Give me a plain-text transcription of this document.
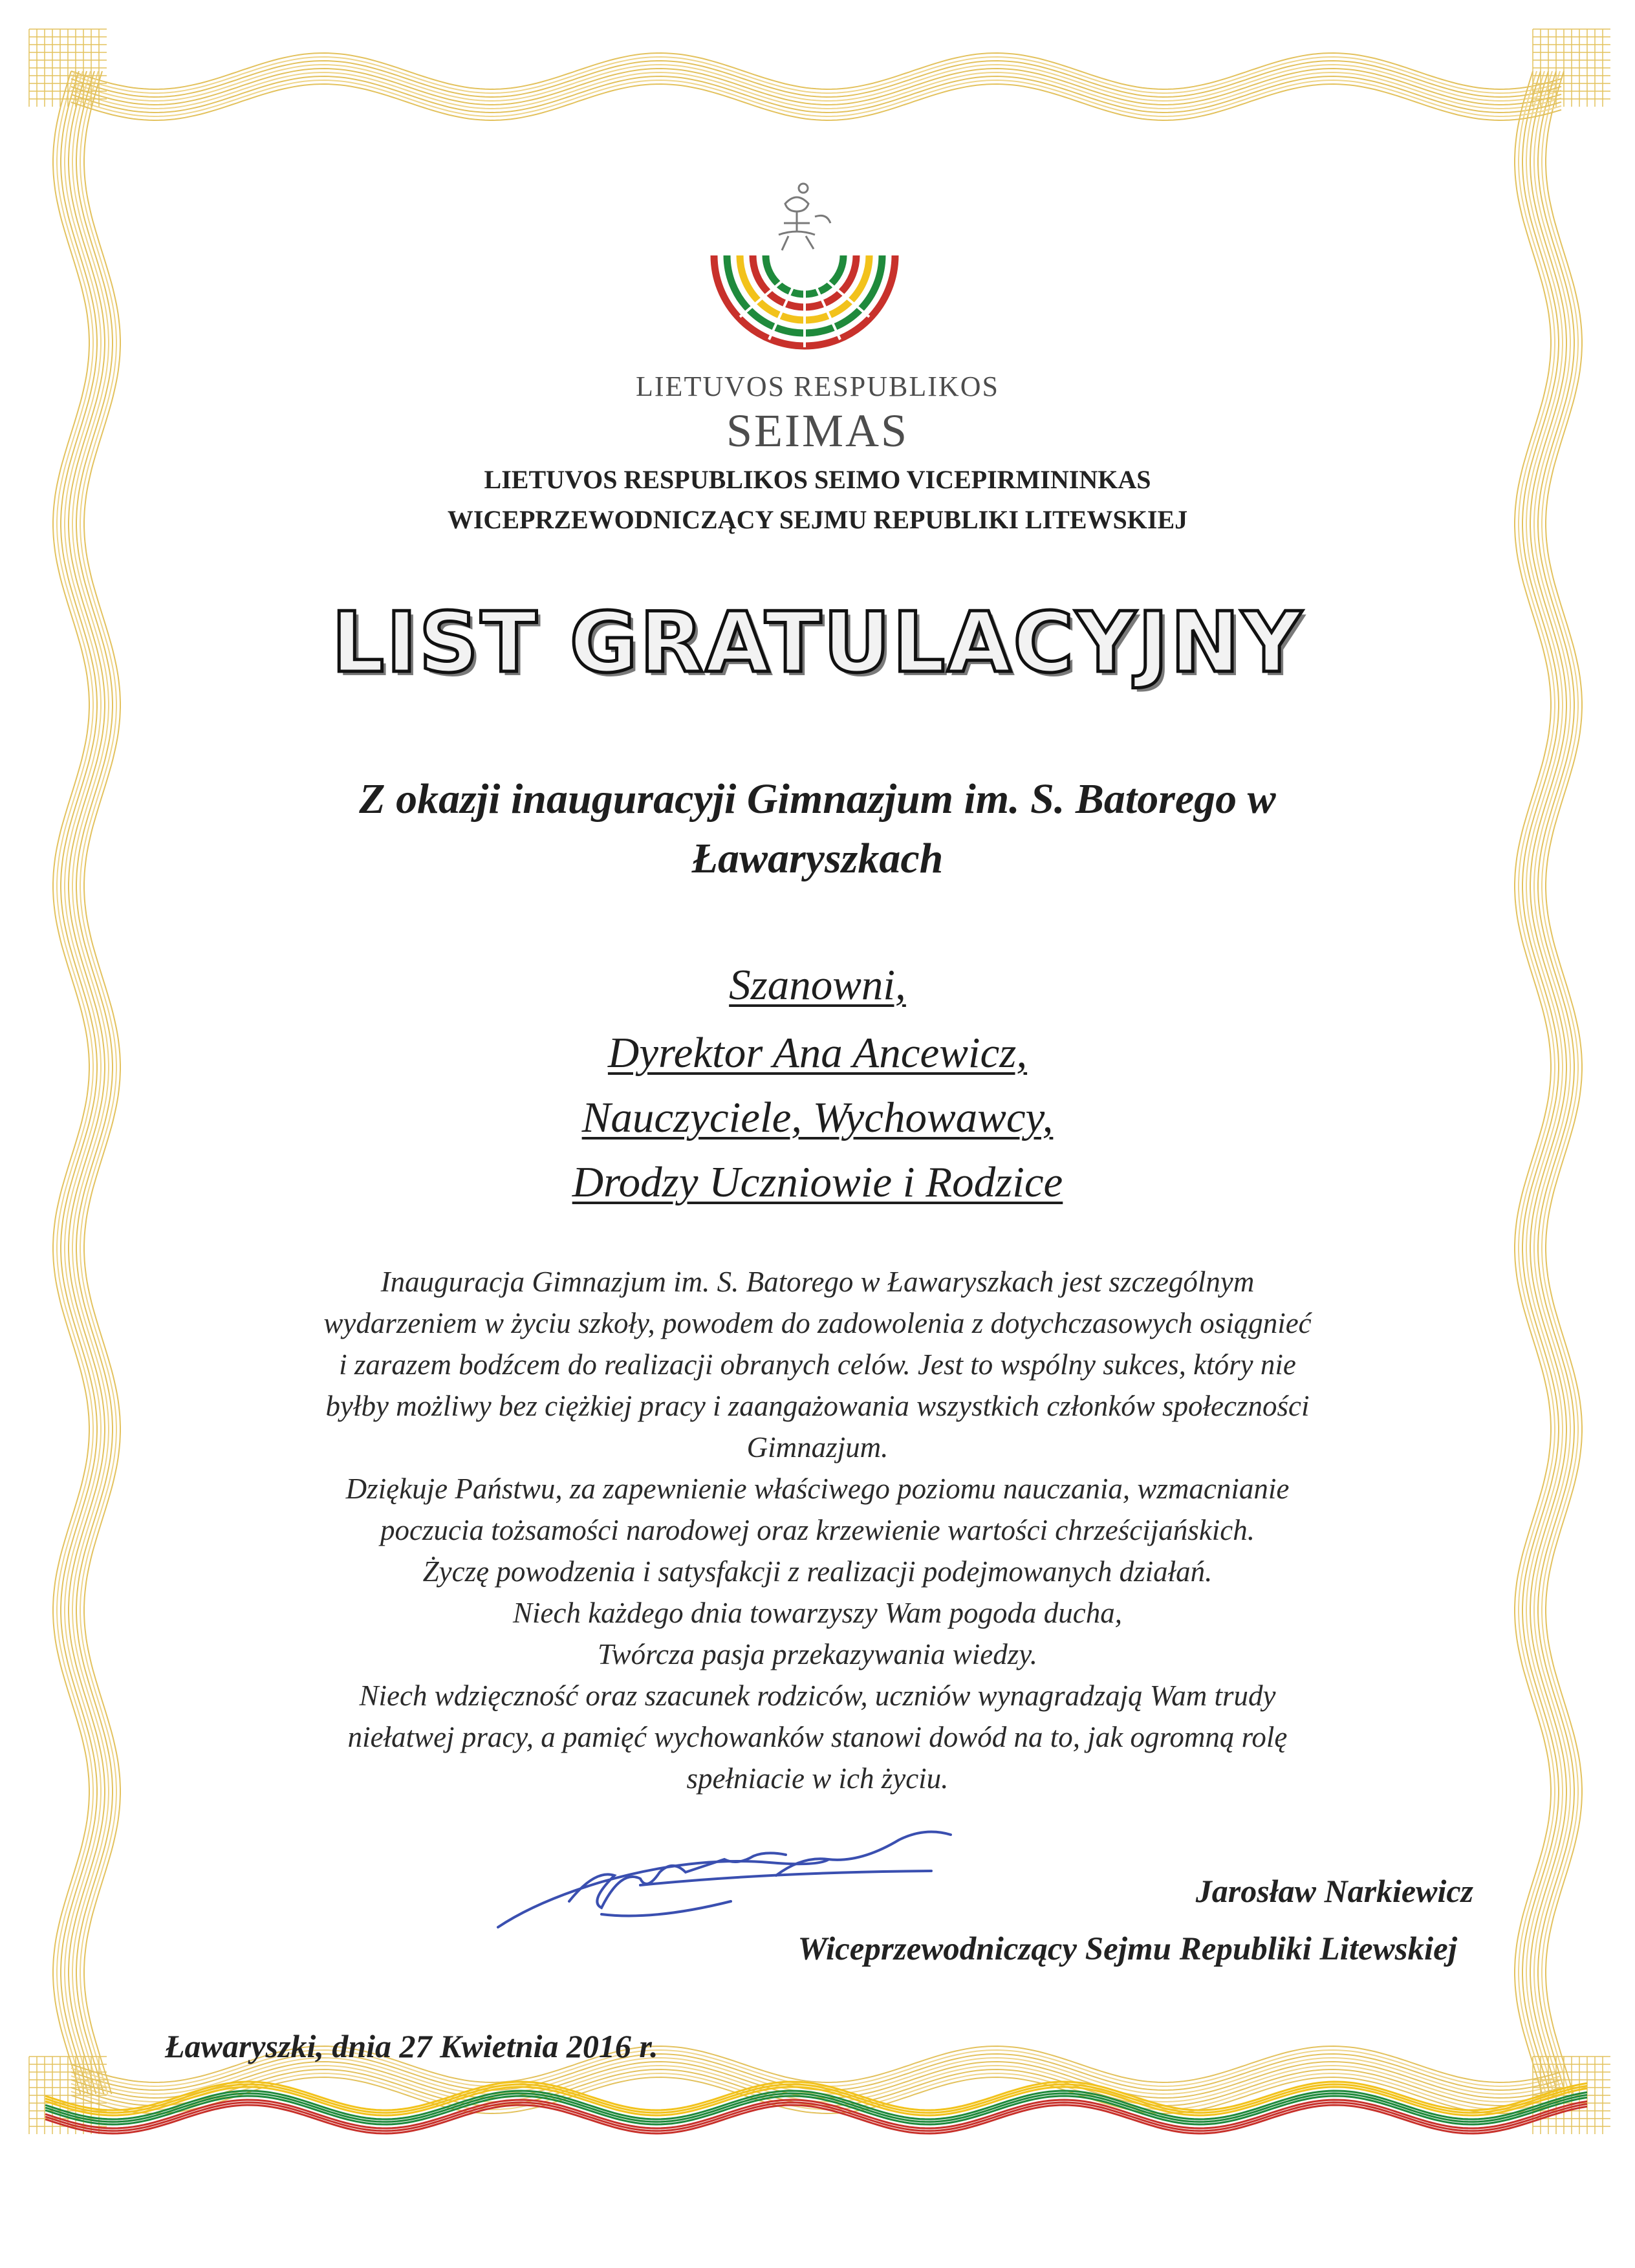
LIETUVOS RESPUBLIKOS
SEIMAS
LIETUVOS RESPUBLIKOS SEIMO VICEPIRMININKAS
WICEPRZEWODNICZĄCY SEJMU REPUBLIKI LITEWSKIEJ
LIST GRATULACYJNY
Z okazji inauguracyji Gimnazjum im. S. Batorego w
Ławaryszkach
Szanowni,
Dyrektor Ana Ancewicz,
Nauczyciele, Wychowawcy,
Drodzy Uczniowie i Rodzice
Inauguracja Gimnazjum im. S. Batorego w Ławaryszkach jest szczególnym
wydarzeniem w życiu szkoły, powodem do zadowolenia z dotychczasowych osiągnieć
i zarazem bodźcem do realizacji obranych celów. Jest to wspólny sukces, który nie
byłby możliwy bez ciężkiej pracy i zaangażowania wszystkich członków społeczności
Gimnazjum.
Dziękuje Państwu, za zapewnienie właściwego poziomu nauczania, wzmacnianie
poczucia tożsamości narodowej oraz krzewienie wartości chrześcijańskich.
Życzę powodzenia i satysfakcji z realizacji podejmowanych działań.
Niech każdego dnia towarzyszy Wam pogoda ducha,
Twórcza pasja przekazywania wiedzy.
Niech wdzięczność oraz szacunek rodziców, uczniów wynagradzają Wam trudy
niełatwej pracy, a pamięć wychowanków stanowi dowód na to, jak ogromną rolę
spełniacie w ich życiu.
Jarosław Narkiewicz
Wiceprzewodniczący Sejmu Republiki Litewskiej
Ławaryszki, dnia 27 Kwietnia 2016 r.
